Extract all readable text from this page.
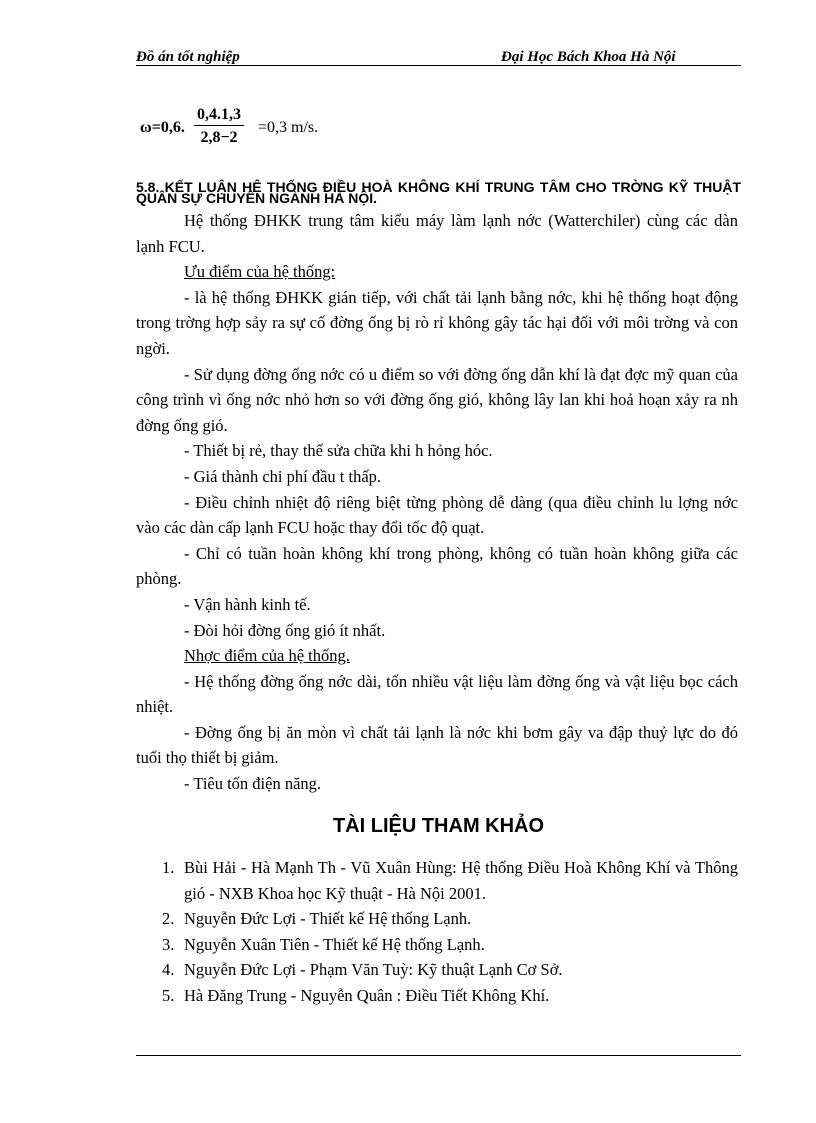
Đồ án tốt nghiệp	Đại Học Bách Khoa Hà Nội
ω=0,6. $\frac{0,4.1,3}{2,8-2} =0,3$ m/s.
5.8. KẾT LUẬN HỆ THỐNG ĐIỀU HOÀ KHÔNG KHÍ TRUNG TÂM CHO TRỜNG KỸ THUẬT QUÂN SỰ CHUYÊN NGÀNH HÀ NỘI.

Hệ thống ĐHKK trung tâm kiểu máy làm lạnh nớc (Watterchiler) cùng các dàn lạnh FCU.

Ưu điểm của hệ thống:

- là hệ thống ĐHKK gián tiếp, với chất tải lạnh bằng nớc, khi hệ thống hoạt động trong trờng hợp sảy ra sự cố đờng ống bị rò rỉ không gây tác hại đối với môi trờng và con ngời.

- Sử dụng đờng ống nớc có u điểm so với đờng ống dẫn khí là đạt đợc mỹ quan của công trình vì ống nớc nhỏ hơn so với đờng ống gió, không lây lan khi hoả hoạn xảy ra nh đờng ống gió.

- Thiết bị rẻ, thay thế sửa chữa khi h hỏng hóc.

- Giá thành chi phí đầu t thấp.

- Điều chỉnh nhiệt độ riêng biệt từng phòng dễ dàng (qua điều chỉnh lu lợng nớc vào các dàn cấp lạnh FCU hoặc thay đổi tốc độ quạt.

- Chỉ có tuần hoàn không khí trong phòng, không có tuần hoàn không giữa các phòng.

- Vận hành kinh tế.

- Đòi hỏi đờng ống gió ít nhất.

Nhợc điểm của hệ thống.

- Hệ thống đờng ống nớc dài, tốn nhiều vật liệu làm đờng ống và vật liệu bọc cách nhiệt.

- Đờng ống bị ăn mòn vì chất tải lạnh là nớc khi bơm gây va đập thuỷ lực do đó tuổi thọ thiết bị giảm.

- Tiêu tốn điện năng.

TÀI LIỆU THAM KHẢO
1. Bùi Hải - Hà Mạnh Th - Vũ Xuân Hùng: Hệ thống Điều Hoà Không Khí và Thông gió - NXB Khoa học Kỹ thuật - Hà Nội 2001.
2. Nguyễn Đức Lợi - Thiết kế Hệ thống Lạnh.
3. Nguyễn Xuân Tiên - Thiết kế Hệ thống Lạnh.
4. Nguyễn Đức Lợi - Phạm Văn Tuỳ: Kỹ thuật Lạnh Cơ Sở.
5. Hà Đăng Trung - Nguyễn Quân : Điều Tiết Không Khí.
